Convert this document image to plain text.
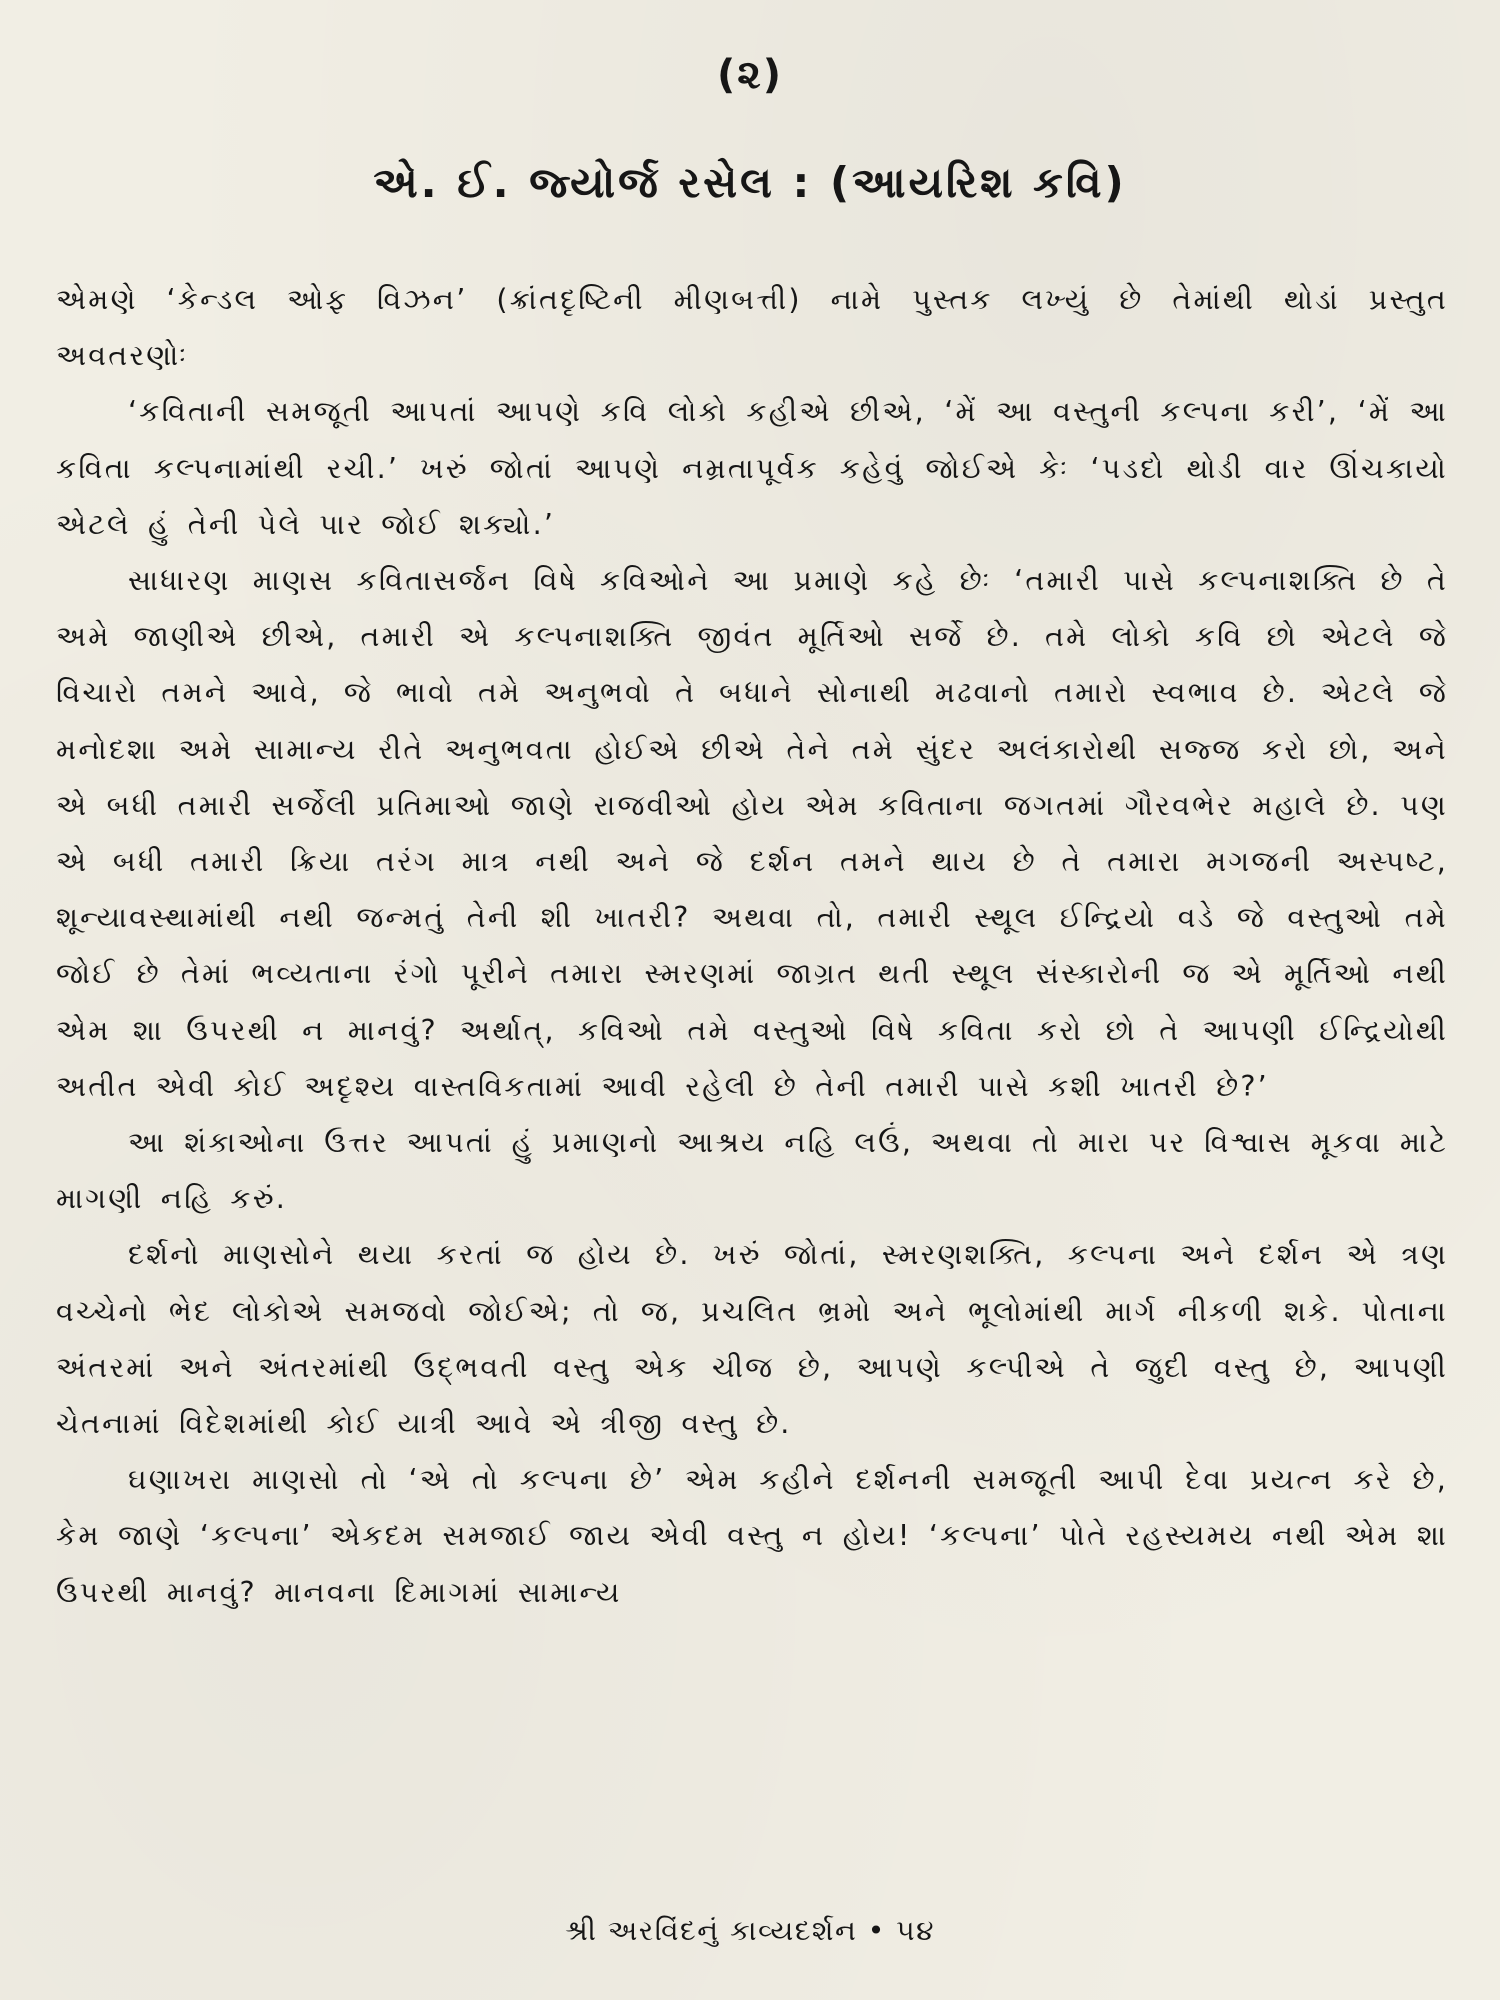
(૨)
એ. ઈ. જ્યોર્જ રસેલ : (આયરિશ કવિ)

એમણે ‘કેન્ડલ ઓફ વિઝન’ (ક્રાંતદૃષ્ટિની મીણબત્તી) નામે પુસ્તક લખ્યું છે તેમાંથી થોડાં પ્રસ્તુત અવતરણોઃ

‘કવિતાની સમજૂતી આપતાં આપણે કવિ લોકો કહીએ છીએ, ‘મેં આ વસ્તુની કલ્પના કરી’, ‘મેં આ કવિતા કલ્પનામાંથી રચી.’ ખરું જોતાં આપણે નમ્રતાપૂર્વક કહેવું જોઈએ કેઃ ‘પડદો થોડી વાર ઊંચકાયો એટલે હું તેની પેલે પાર જોઈ શક્યો.’

સાધારણ માણસ કવિતાસર્જન વિષે કવિઓને આ પ્રમાણે કહે છેઃ ‘તમારી પાસે કલ્પનાશક્તિ છે તે અમે જાણીએ છીએ, તમારી એ કલ્પનાશક્તિ જીવંત મૂર્તિઓ સર્જે છે. તમે લોકો કવિ છો એટલે જે વિચારો તમને આવે, જે ભાવો તમે અનુભવો તે બધાને સોનાથી મઢવાનો તમારો સ્વભાવ છે. એટલે જે મનોદશા અમે સામાન્ય રીતે અનુભવતા હોઈએ છીએ તેને તમે સુંદર અલંકારોથી સજ્જ કરો છો, અને એ બધી તમારી સર્જેલી પ્રતિમાઓ જાણે રાજવીઓ હોય એમ કવિતાના જગતમાં ગૌરવભેર મહાલે છે. પણ એ બધી તમારી ક્રિયા તરંગ માત્ર નથી અને જે દર્શન તમને થાય છે તે તમારા મગજની અસ્પષ્ટ, શૂન્યાવસ્થામાંથી નથી જન્મતું તેની શી ખાતરી? અથવા તો, તમારી સ્થૂલ ઈન્દ્રિયો વડે જે વસ્તુઓ તમે જોઈ છે તેમાં ભવ્યતાના રંગો પૂરીને તમારા સ્મરણમાં જાગ્રત થતી સ્થૂલ સંસ્કારોની જ એ મૂર્તિઓ નથી એમ શા ઉપરથી ન માનવું? અર્થાત્, કવિઓ તમે વસ્તુઓ વિષે કવિતા કરો છો તે આપણી ઈન્દ્રિયોથી અતીત એવી કોઈ અદૃશ્ય વાસ્તવિકતામાં આવી રહેલી છે તેની તમારી પાસે કશી ખાતરી છે?’

આ શંકાઓના ઉત્તર આપતાં હું પ્રમાણનો આશ્રય નહિ લઉં, અથવા તો મારા પર વિશ્વાસ મૂકવા માટે માગણી નહિ કરું.

દર્શનો માણસોને થયા કરતાં જ હોય છે. ખરું જોતાં, સ્મરણશક્તિ, કલ્પના અને દર્શન એ ત્રણ વચ્ચેનો ભેદ લોકોએ સમજવો જોઈએ; તો જ, પ્રચલિત ભ્રમો અને ભૂલોમાંથી માર્ગ નીકળી શકે. પોતાના અંતરમાં અને અંતરમાંથી ઉદ્ભવતી વસ્તુ એક ચીજ છે, આપણે કલ્પીએ તે જુદી વસ્તુ છે, આપણી ચેતનામાં વિદેશમાંથી કોઈ યાત્રી આવે એ ત્રીજી વસ્તુ છે.

ઘણાખરા માણસો તો ‘એ તો કલ્પના છે’ એમ કહીને દર્શનની સમજૂતી આપી દેવા પ્રયત્ન કરે છે, કેમ જાણે ‘કલ્પના’ એકદમ સમજાઈ જાય એવી વસ્તુ ન હોય! ‘કલ્પના’ પોતે રહસ્યમય નથી એમ શા ઉપરથી માનવું? માનવના દિમાગમાં સામાન્ય

શ્રી અરવિંદનું કાવ્યદર્શન • ૫૪
